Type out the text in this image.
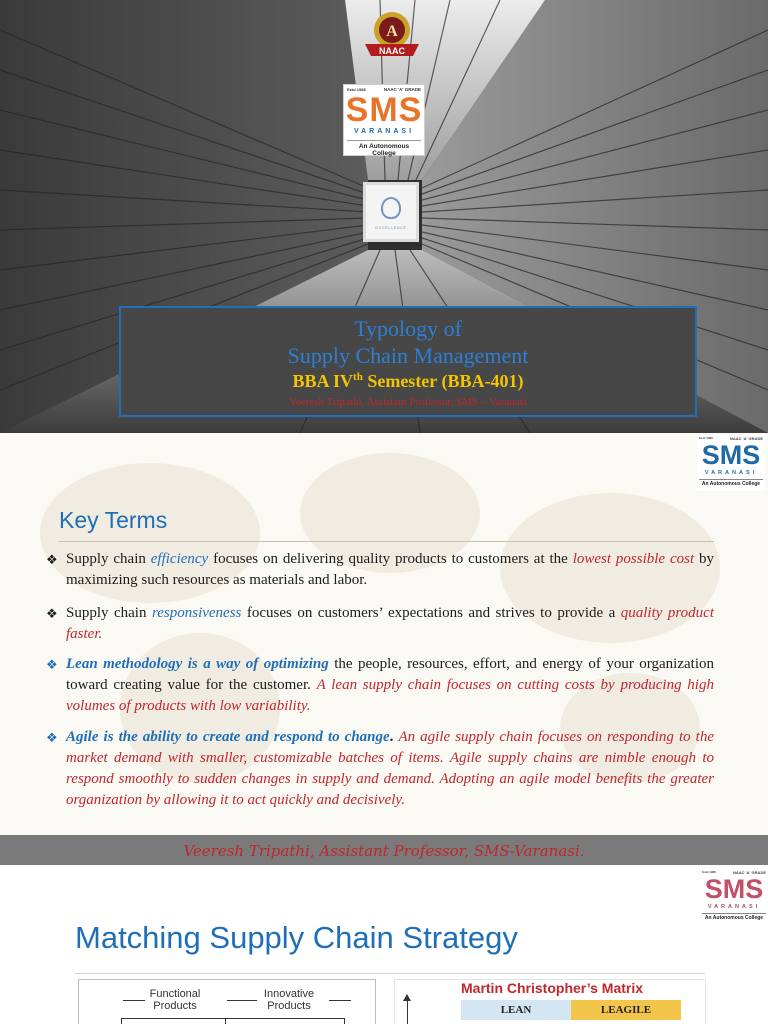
A
NAAC
Estd 1985	NAAC 'A' GRADE
SMS
VARANASI
An Autonomous College
EXCELLENCE
Typology of
Supply Chain Management
BBA IVth Semester (BBA-401)
Veeresh Tripathi, Assistant Professor, SMS – Varanasi
Estd 1985	NAAC 'A' GRADE
SMS
VARANASI
An Autonomous College
Key Terms
❖ Supply chain efficiency focuses on delivering quality products to customers at the lowest possible cost by maximizing such resources as materials and labor.
❖ Supply chain responsiveness focuses on customers’ expectations and strives to provide a quality product faster.
❖ Lean methodology is a way of optimizing the people, resources, effort, and energy of your organization toward creating value for the customer. A lean supply chain focuses on cutting costs by producing high volumes of products with low variability.
❖ Agile is the ability to create and respond to change. An agile supply chain focuses on responding to the market demand with smaller, customizable batches of items. Agile supply chains are nimble enough to respond smoothly to sudden changes in supply and demand. Adopting an agile model benefits the greater organization by allowing it to act quickly and decisively.
Veeresh Tripathi, Assistant Professor, SMS-Varanasi.
Estd 1985	NAAC 'A' GRADE
SMS
VARANASI
An Autonomous College
Matching Supply Chain Strategy
Functional Products
Innovative Products
Martin Christopher’s Matrix
LEAN	LEAGILE
